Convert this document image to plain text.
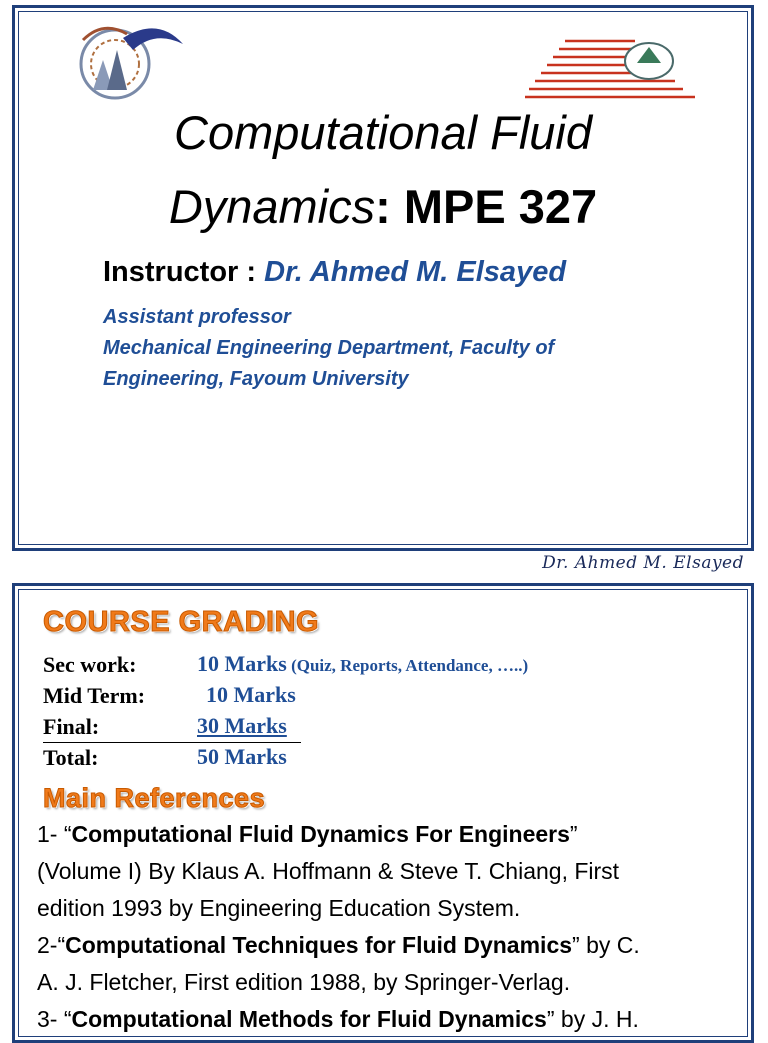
Computational Fluid
Dynamics: MPE 327
Instructor : Dr. Ahmed M. Elsayed
Assistant professor
Mechanical Engineering Department, Faculty of
Engineering, Fayoum University
Dr. Ahmed M. Elsayed
COURSE GRADING
Sec work:	10 Marks (Quiz, Reports, Attendance, …..)
Mid Term:	10 Marks
Final:	30 Marks
Total:	50 Marks
Main References
1- “Computational Fluid Dynamics For Engineers”
(Volume I) By Klaus A. Hoffmann & Steve T. Chiang, First
edition 1993 by Engineering Education System.
2-“Computational Techniques for Fluid Dynamics” by C.
A. J. Fletcher, First edition 1988, by Springer-Verlag.
3- “Computational Methods for Fluid Dynamics” by J. H.
